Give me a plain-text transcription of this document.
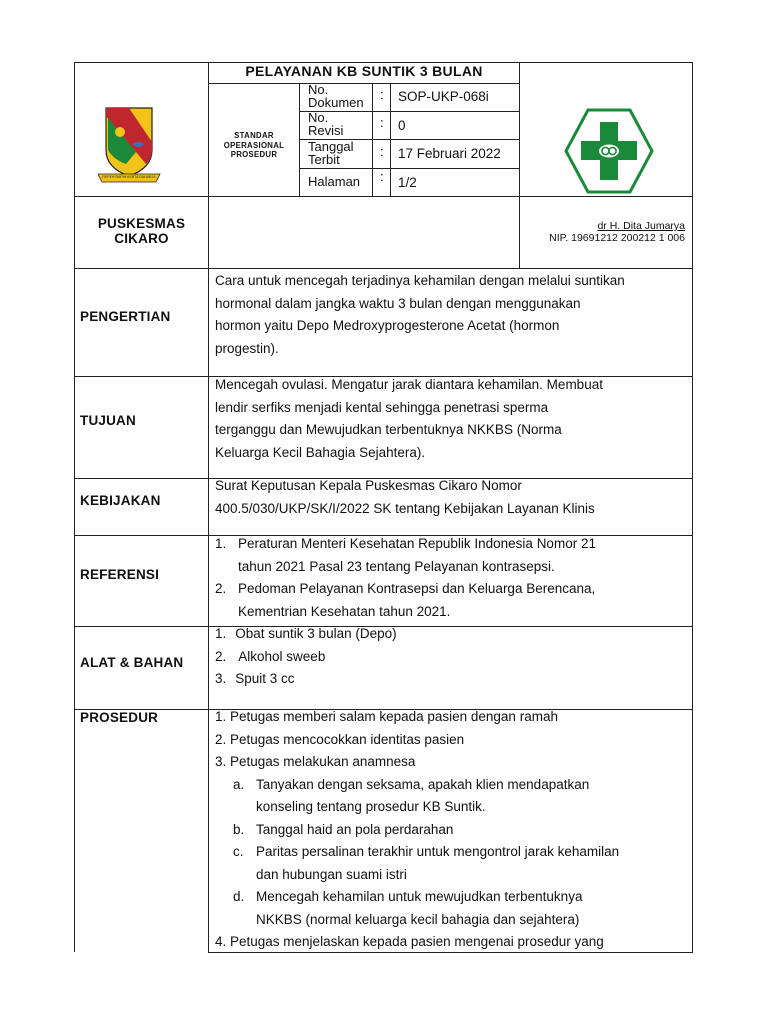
PELAYANAN KB SUNTIK 3 BULAN
REPEH RAPIH KERTA RAHARJA
STANDAR
OPERASIONAL
PROSEDUR
No.
Dokumen
: SOP-UKP-068i
No.
Revisi
: 0
Tanggal
Terbit
: 17 Februari 2022
Halaman : 1/2
PUSKESMAS
CIKARO
dr H. Dita Jumarya
NIP. 19691212 200212 1 006
PENGERTIAN
Cara untuk mencegah terjadinya kehamilan dengan melalui suntikan
hormonal dalam jangka waktu 3 bulan dengan menggunakan
hormon yaitu Depo Medroxyprogesterone Acetat (hormon
progestin).
TUJUAN
Mencegah ovulasi. Mengatur jarak diantara kehamilan. Membuat
lendir serfiks menjadi kental sehingga penetrasi sperma
terganggu dan Mewujudkan terbentuknya NKKBS (Norma
Keluarga Kecil Bahagia Sejahtera).
KEBIJAKAN
Surat Keputusan Kepala Puskesmas Cikaro Nomor
400.5/030/UKP/SK/I/2022 SK tentang Kebijakan Layanan Klinis
REFERENSI
1. Peraturan Menteri Kesehatan Republik Indonesia Nomor 21
tahun 2021 Pasal 23 tentang Pelayanan kontrasepsi.
2. Pedoman Pelayanan Kontrasepsi dan Keluarga Berencana,
Kementrian Kesehatan tahun 2021.
ALAT & BAHAN
1. Obat suntik 3 bulan (Depo)
2. Alkohol sweeb
3. Spuit 3 cc
PROSEDUR	1. Petugas memberi salam kepada pasien dengan ramah
2. Petugas mencocokkan identitas pasien
3. Petugas melakukan anamnesa
a. Tanyakan dengan seksama, apakah klien mendapatkan
konseling tentang prosedur KB Suntik.
b. Tanggal haid an pola perdarahan
c. Paritas persalinan terakhir untuk mengontrol jarak kehamilan
dan hubungan suami istri
d. Mencegah kehamilan untuk mewujudkan terbentuknya
NKKBS (normal keluarga kecil bahagia dan sejahtera)
4. Petugas menjelaskan kepada pasien mengenai prosedur yang
